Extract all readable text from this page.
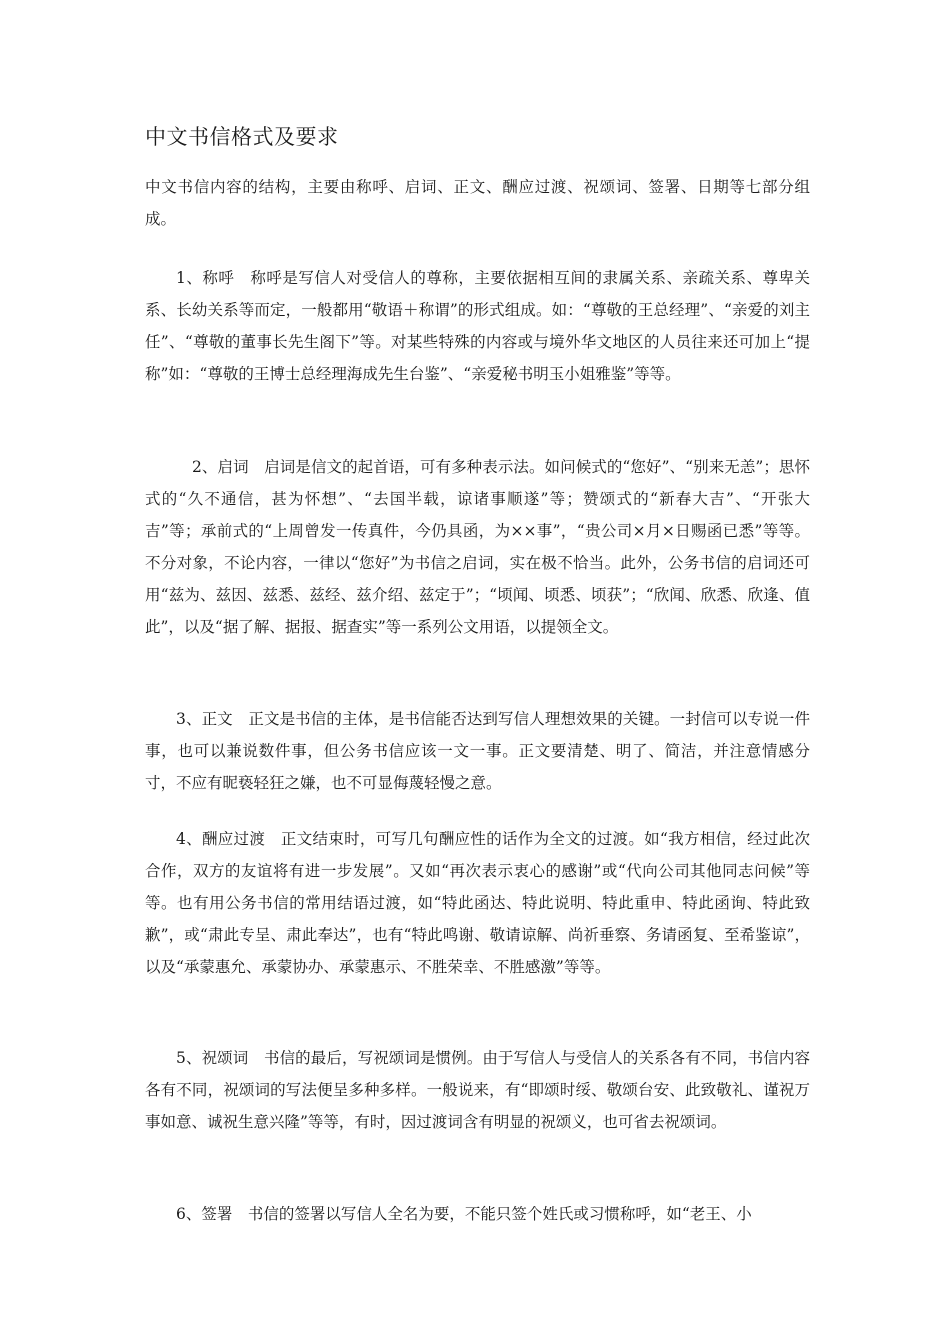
中文书信格式及要求

中文书信内容的结构，主要由称呼、启词、正文、酬应过渡、祝颂词、签署、日期等七部分组成。

1、称呼　称呼是写信人对受信人的尊称，主要依据相互间的隶属关系、亲疏关系、尊卑关系、长幼关系等而定，一般都用“敬语＋称谓”的形式组成。如：“尊敬的王总经理”、“亲爱的刘主任”、“尊敬的董事长先生阁下”等。对某些特殊的内容或与境外华文地区的人员往来还可加上“提称”如：“尊敬的王博士总经理海成先生台鉴”、“亲爱秘书明玉小姐雅鉴”等等。

2、启词　启词是信文的起首语，可有多种表示法。如问候式的“您好”、“别来无恙”；思怀式的“久不通信，甚为怀想”、“去国半载，谅诸事顺遂”等；赞颂式的“新春大吉”、“开张大吉”等；承前式的“上周曾发一传真件，今仍具函，为××事”，“贵公司×月×日赐函已悉”等等。不分对象，不论内容，一律以“您好”为书信之启词，实在极不恰当。此外，公务书信的启词还可用“兹为、兹因、兹悉、兹经、兹介绍、兹定于”；“顷闻、顷悉、顷获”；“欣闻、欣悉、欣逢、值此”，以及“据了解、据报、据查实”等一系列公文用语，以提领全文。

3、正文　正文是书信的主体，是书信能否达到写信人理想效果的关键。一封信可以专说一件事，也可以兼说数件事，但公务书信应该一文一事。正文要清楚、明了、简洁，并注意情感分寸，不应有昵亵轻狂之嫌，也不可显侮蔑轻慢之意。

4、酬应过渡　正文结束时，可写几句酬应性的话作为全文的过渡。如“我方相信，经过此次合作，双方的友谊将有进一步发展”。又如“再次表示衷心的感谢”或“代向公司其他同志问候”等等。也有用公务书信的常用结语过渡，如“特此函达、特此说明、特此重申、特此函询、特此致歉”，或“肃此专呈、肃此奉达”，也有“特此鸣谢、敬请谅解、尚祈垂察、务请函复、至希鉴谅”，以及“承蒙惠允、承蒙协办、承蒙惠示、不胜荣幸、不胜感激”等等。

5、祝颂词　书信的最后，写祝颂词是惯例。由于写信人与受信人的关系各有不同，书信内容各有不同，祝颂词的写法便呈多种多样。一般说来，有“即颂时绥、敬颂台安、此致敬礼、谨祝万事如意、诚祝生意兴隆”等等，有时，因过渡词含有明显的祝颂义，也可省去祝颂词。

6、签署　书信的签署以写信人全名为要，不能只签个姓氏或习惯称呼，如“老王、小
